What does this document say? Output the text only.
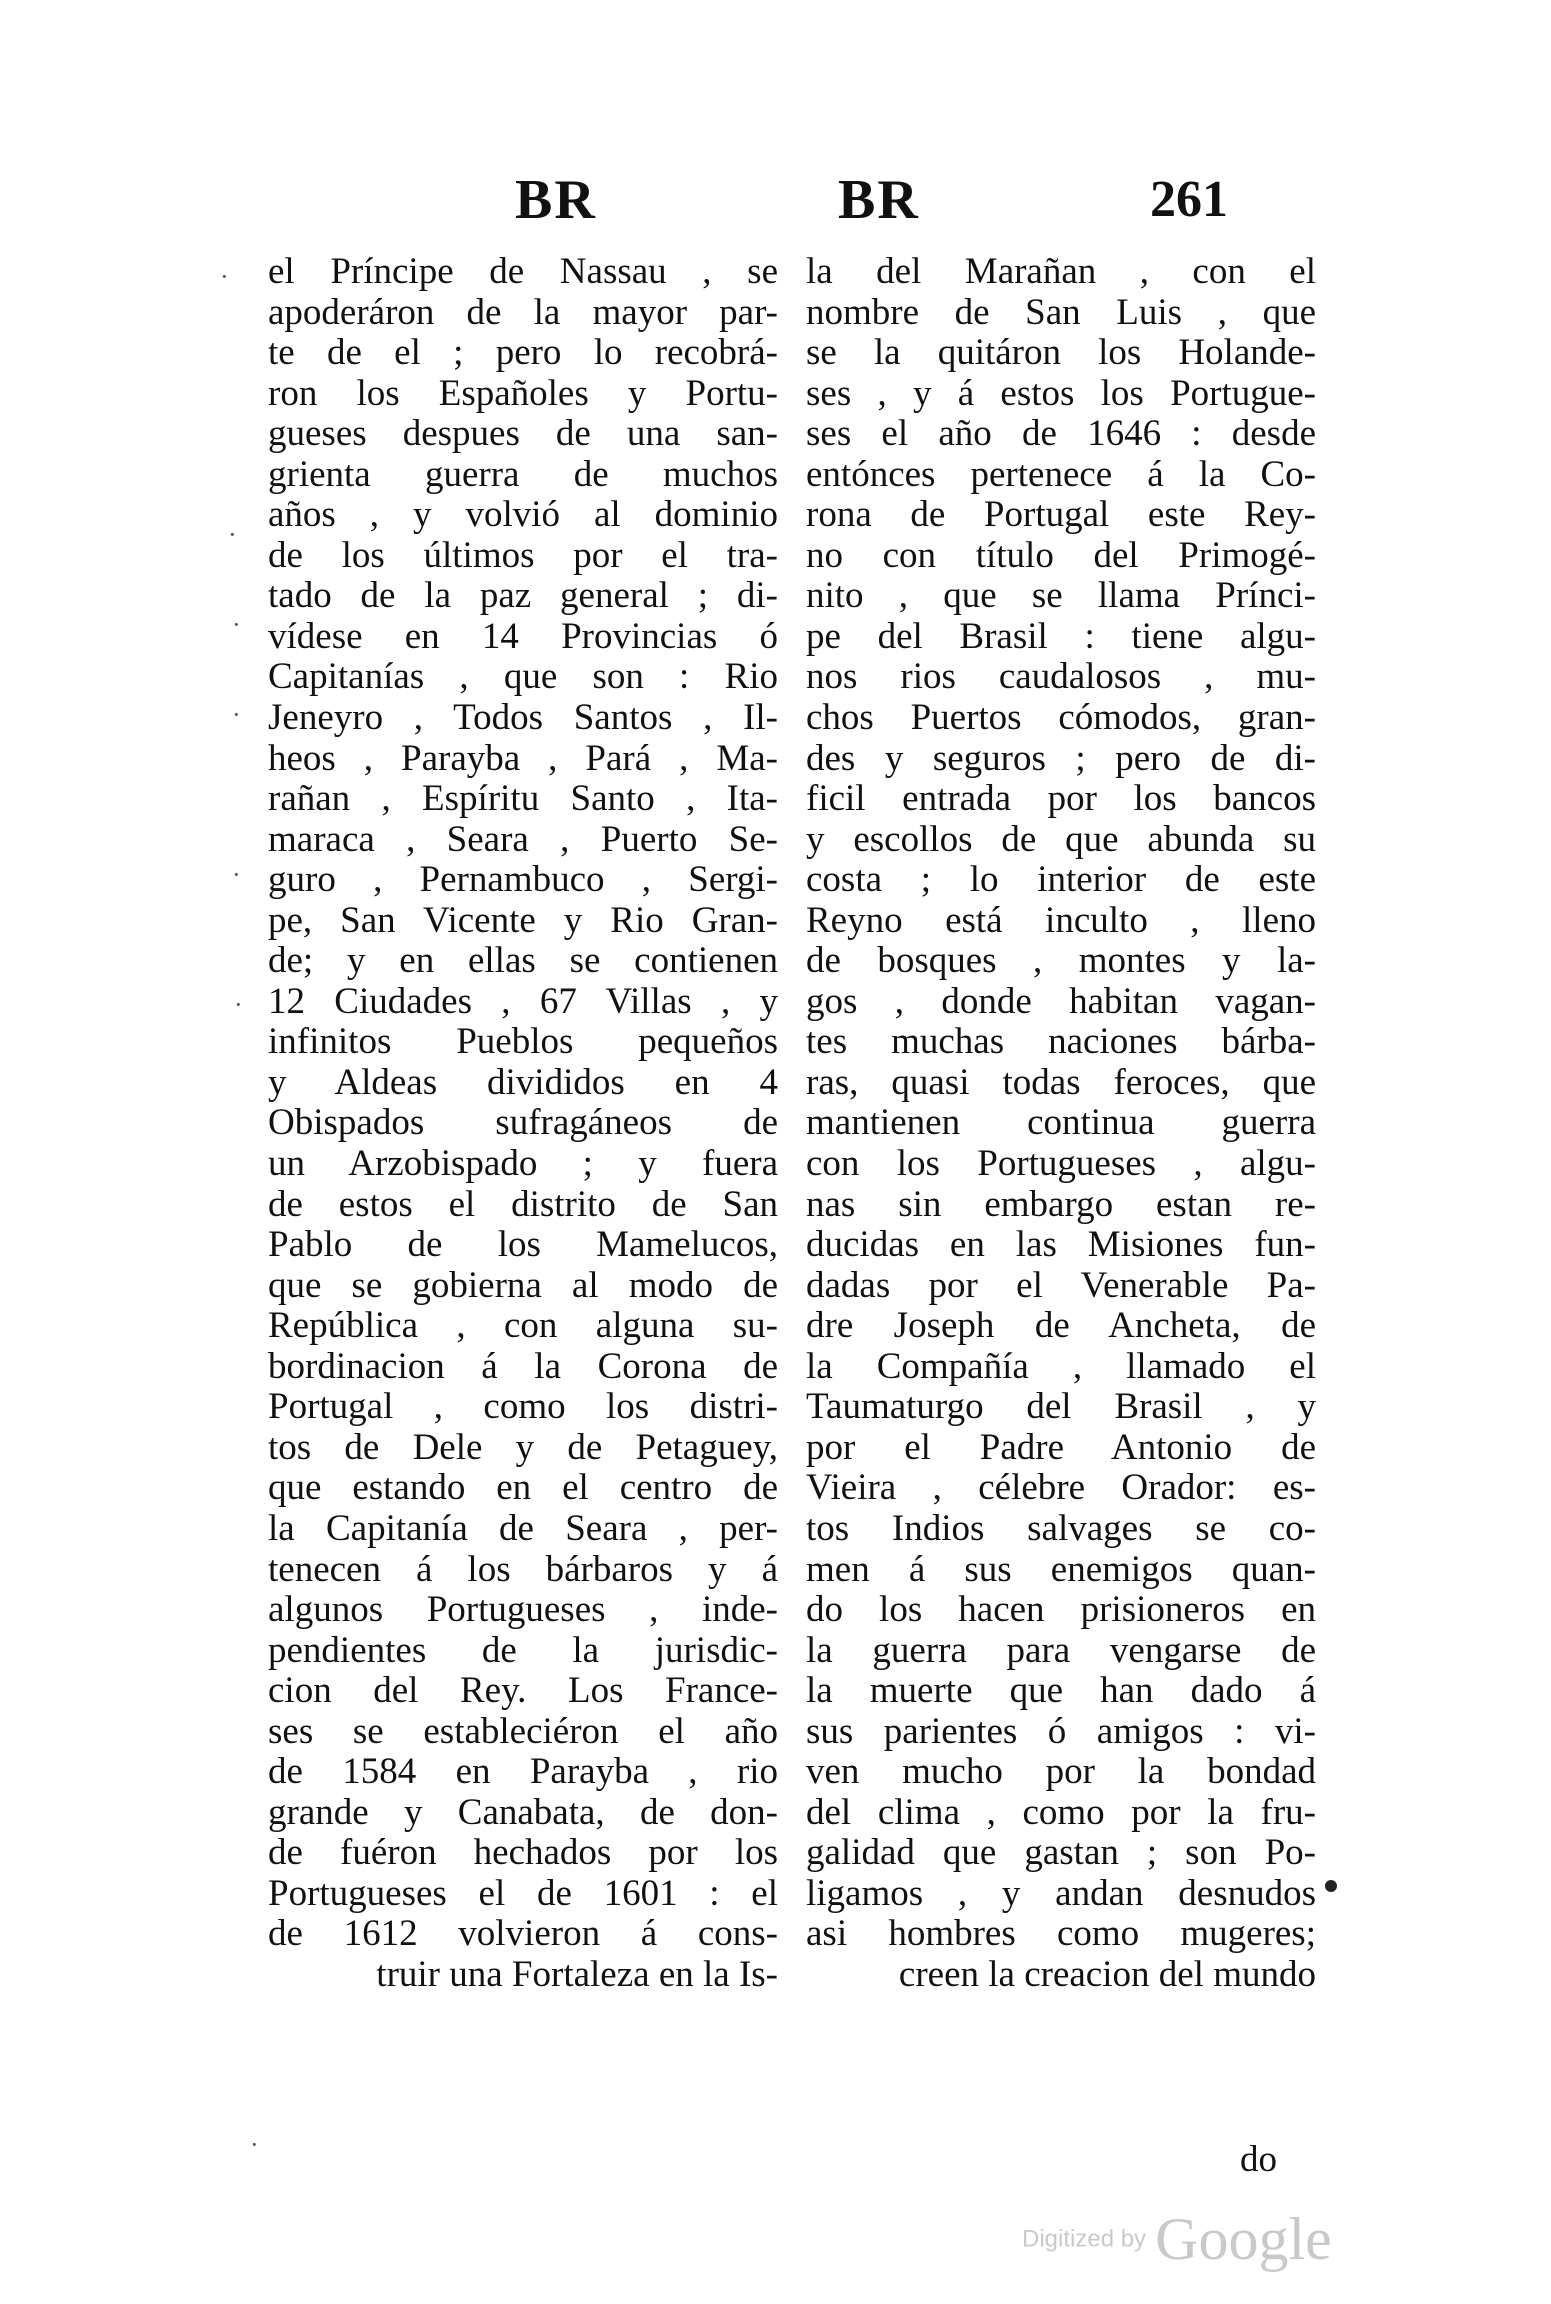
BR	BR	261
el Príncipe de Nassau , se
apoderáron de la mayor par-
te de el ; pero lo recobrá-
ron los Españoles y Portu-
gueses despues de una san-
grienta guerra de muchos
años , y volvió al dominio
de los últimos por el tra-
tado de la paz general ; di-
vídese en 14 Provincias ó
Capitanías , que son : Rio
Jeneyro , Todos Santos , Il-
heos , Parayba , Pará , Ma-
rañan , Espíritu Santo , Ita-
maraca , Seara , Puerto Se-
guro , Pernambuco , Sergi-
pe, San Vicente y Rio Gran-
de; y en ellas se contienen
12 Ciudades , 67 Villas , y
infinitos Pueblos pequeños
y Aldeas divididos en 4
Obispados sufragáneos de
un Arzobispado ; y fuera
de estos el distrito de San
Pablo de los Mamelucos,
que se gobierna al modo de
República , con alguna su-
bordinacion á la Corona de
Portugal , como los distri-
tos de Dele y de Petaguey,
que estando en el centro de
la Capitanía de Seara , per-
tenecen á los bárbaros y á
algunos Portugueses , inde-
pendientes de la jurisdic-
cion del Rey. Los France-
ses se estableciéron el año
de 1584 en Parayba , rio
grande y Canabata, de don-
de fuéron hechados por los
Portugueses el de 1601 : el
de 1612 volvieron á cons-
truir una Fortaleza en la Is-
la del Marañan , con el
nombre de San Luis , que
se la quitáron los Holande-
ses , y á estos los Portugue-
ses el año de 1646 : desde
entónces pertenece á la Co-
rona de Portugal este Rey-
no con título del Primogé-
nito , que se llama Prínci-
pe del Brasil : tiene algu-
nos rios caudalosos , mu-
chos Puertos cómodos, gran-
des y seguros ; pero de di-
ficil entrada por los bancos
y escollos de que abunda su
costa ; lo interior de este
Reyno está inculto , lleno
de bosques , montes y la-
gos , donde habitan vagan-
tes muchas naciones bárba-
ras, quasi todas feroces, que
mantienen continua guerra
con los Portugueses , algu-
nas sin embargo estan re-
ducidas en las Misiones fun-
dadas por el Venerable Pa-
dre Joseph de Ancheta, de
la Compañía , llamado el
Taumaturgo del Brasil , y
por el Padre Antonio de
Vieira , célebre Orador: es-
tos Indios salvages se co-
men á sus enemigos quan-
do los hacen prisioneros en
la guerra para vengarse de
la muerte que han dado á
sus parientes ó amigos : vi-
ven mucho por la bondad
del clima , como por la fru-
galidad que gastan ; son Po-
ligamos , y andan desnudos
asi hombres como mugeres;
creen la creacion del mundo
do
·
·
·
·
·
·
·
Digitized by Google
